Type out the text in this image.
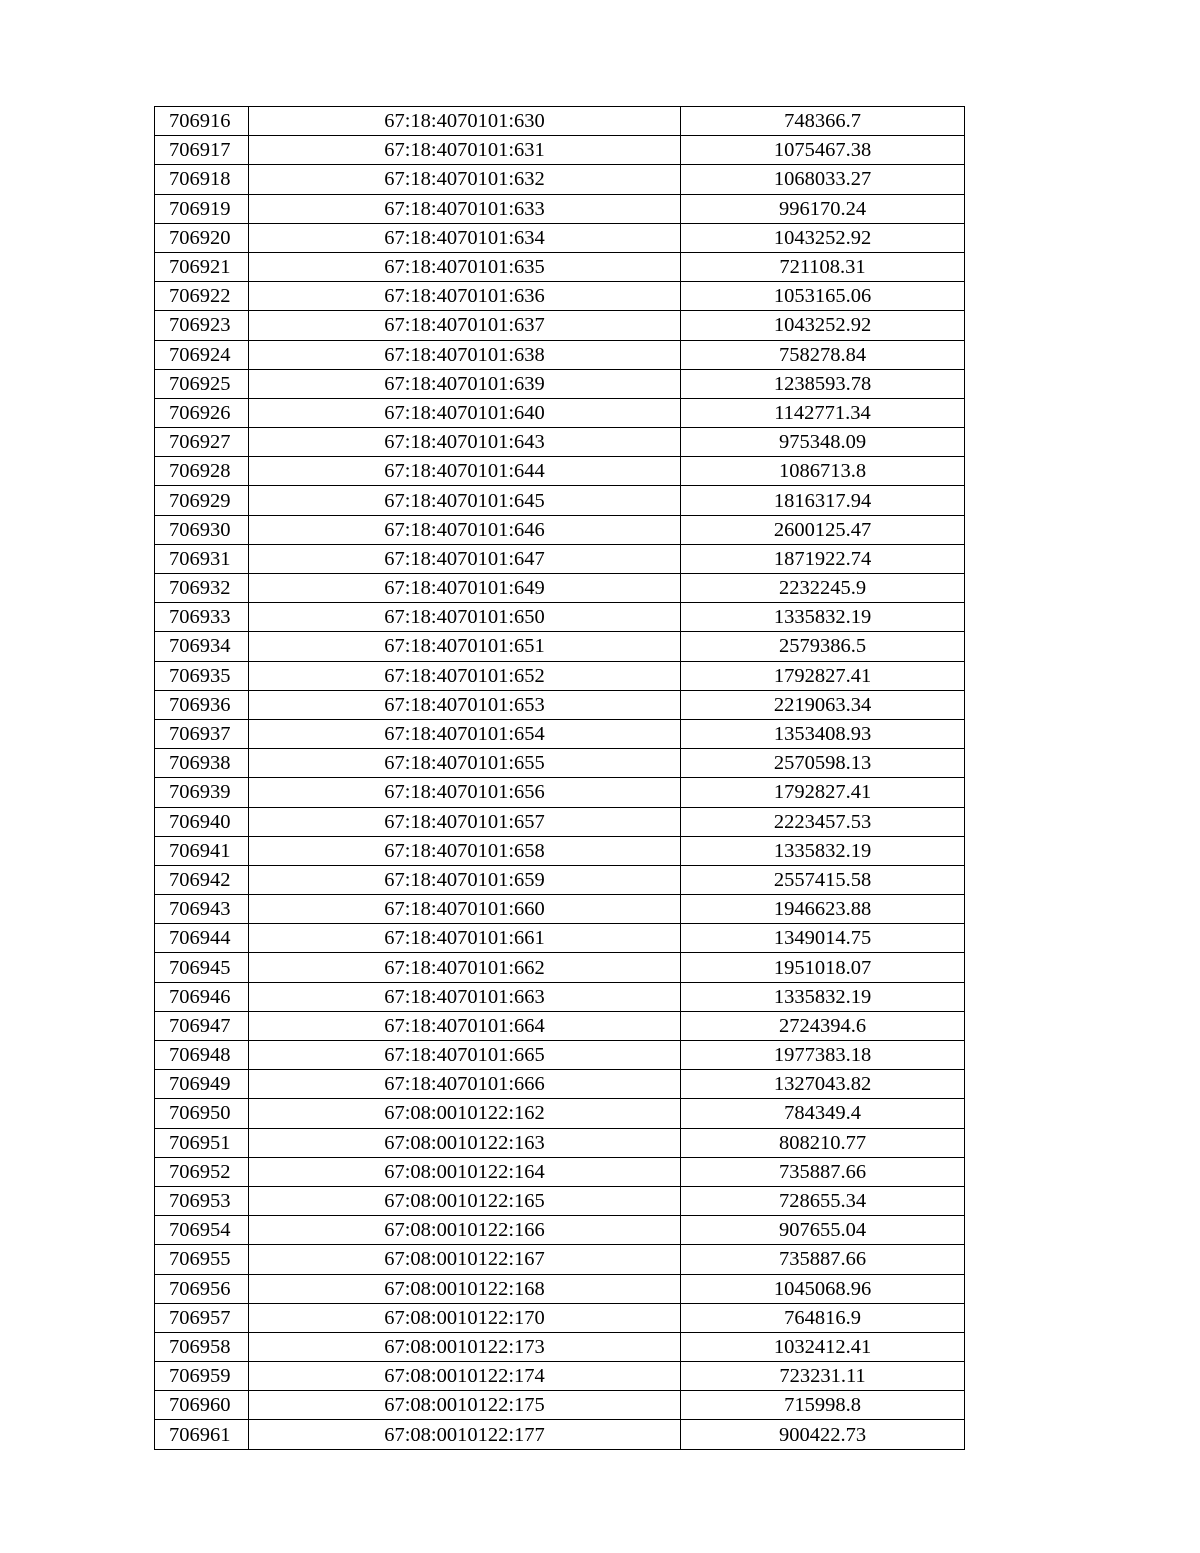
706916	67:18:4070101:630	748366.7
706917	67:18:4070101:631	1075467.38
706918	67:18:4070101:632	1068033.27
706919	67:18:4070101:633	996170.24
706920	67:18:4070101:634	1043252.92
706921	67:18:4070101:635	721108.31
706922	67:18:4070101:636	1053165.06
706923	67:18:4070101:637	1043252.92
706924	67:18:4070101:638	758278.84
706925	67:18:4070101:639	1238593.78
706926	67:18:4070101:640	1142771.34
706927	67:18:4070101:643	975348.09
706928	67:18:4070101:644	1086713.8
706929	67:18:4070101:645	1816317.94
706930	67:18:4070101:646	2600125.47
706931	67:18:4070101:647	1871922.74
706932	67:18:4070101:649	2232245.9
706933	67:18:4070101:650	1335832.19
706934	67:18:4070101:651	2579386.5
706935	67:18:4070101:652	1792827.41
706936	67:18:4070101:653	2219063.34
706937	67:18:4070101:654	1353408.93
706938	67:18:4070101:655	2570598.13
706939	67:18:4070101:656	1792827.41
706940	67:18:4070101:657	2223457.53
706941	67:18:4070101:658	1335832.19
706942	67:18:4070101:659	2557415.58
706943	67:18:4070101:660	1946623.88
706944	67:18:4070101:661	1349014.75
706945	67:18:4070101:662	1951018.07
706946	67:18:4070101:663	1335832.19
706947	67:18:4070101:664	2724394.6
706948	67:18:4070101:665	1977383.18
706949	67:18:4070101:666	1327043.82
706950	67:08:0010122:162	784349.4
706951	67:08:0010122:163	808210.77
706952	67:08:0010122:164	735887.66
706953	67:08:0010122:165	728655.34
706954	67:08:0010122:166	907655.04
706955	67:08:0010122:167	735887.66
706956	67:08:0010122:168	1045068.96
706957	67:08:0010122:170	764816.9
706958	67:08:0010122:173	1032412.41
706959	67:08:0010122:174	723231.11
706960	67:08:0010122:175	715998.8
706961	67:08:0010122:177	900422.73
